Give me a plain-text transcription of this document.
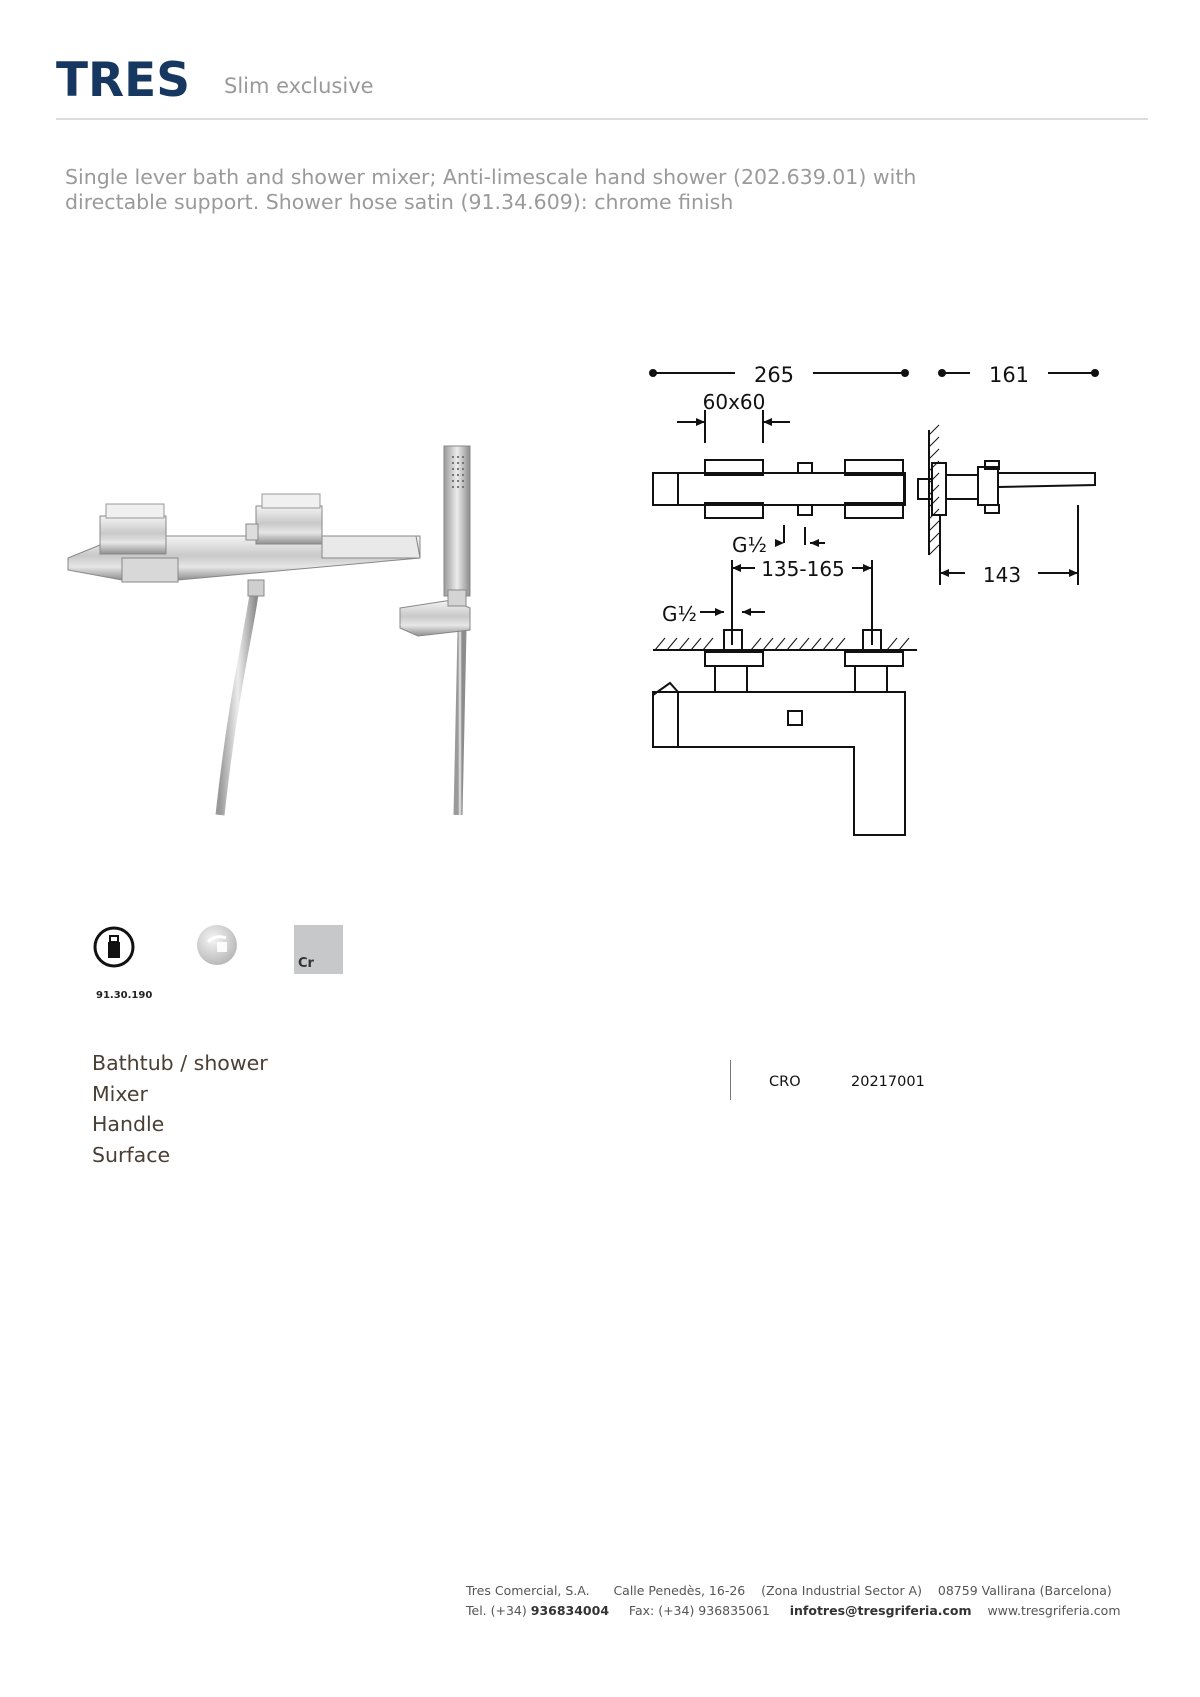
TRES Slim exclusive
Single lever bath and shower mixer; Anti-limescale hand shower (202.639.01) with
directable support. Shower hose satin (91.34.609): chrome finish
265	161
60x60
G½
143
135-165
G½
91.30.190
Cr
Bathtub / shower
Mixer
Handle
Surface
CRO	20217001
Tres Comercial, S.A. Calle Penedès, 16-26 (Zona Industrial Sector A) 08759 Vallirana (Barcelona)
Tel. (+34) 936834004 Fax: (+34) 936835061 infotres@tresgriferia.com www.tresgriferia.com
